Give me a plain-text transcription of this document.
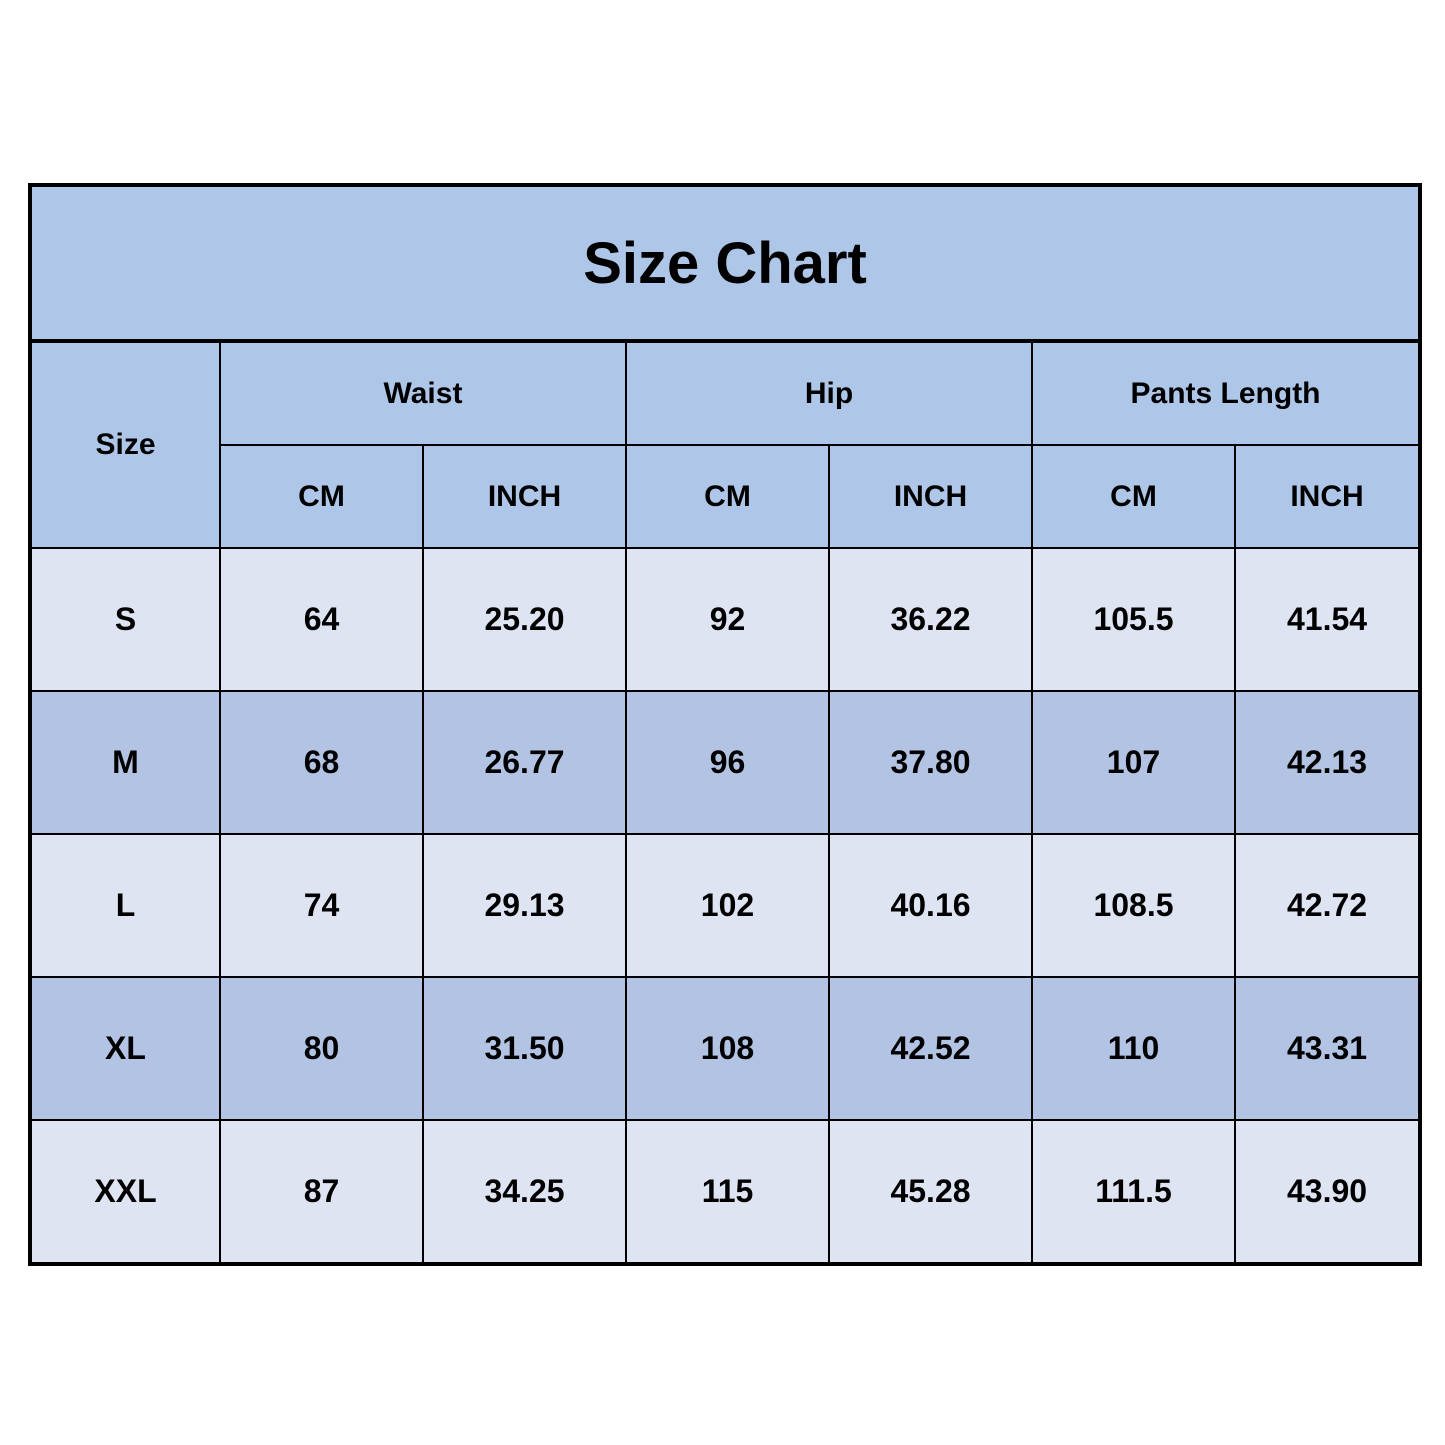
Size Chart						
Size	Waist		Hip		Pants Length	
	CM	INCH	CM	INCH	CM	INCH
S	64	25.20	92	36.22	105.5	41.54
M	68	26.77	96	37.80	107	42.13
L	74	29.13	102	40.16	108.5	42.72
XL	80	31.50	108	42.52	110	43.31
XXL	87	34.25	115	45.28	111.5	43.90
